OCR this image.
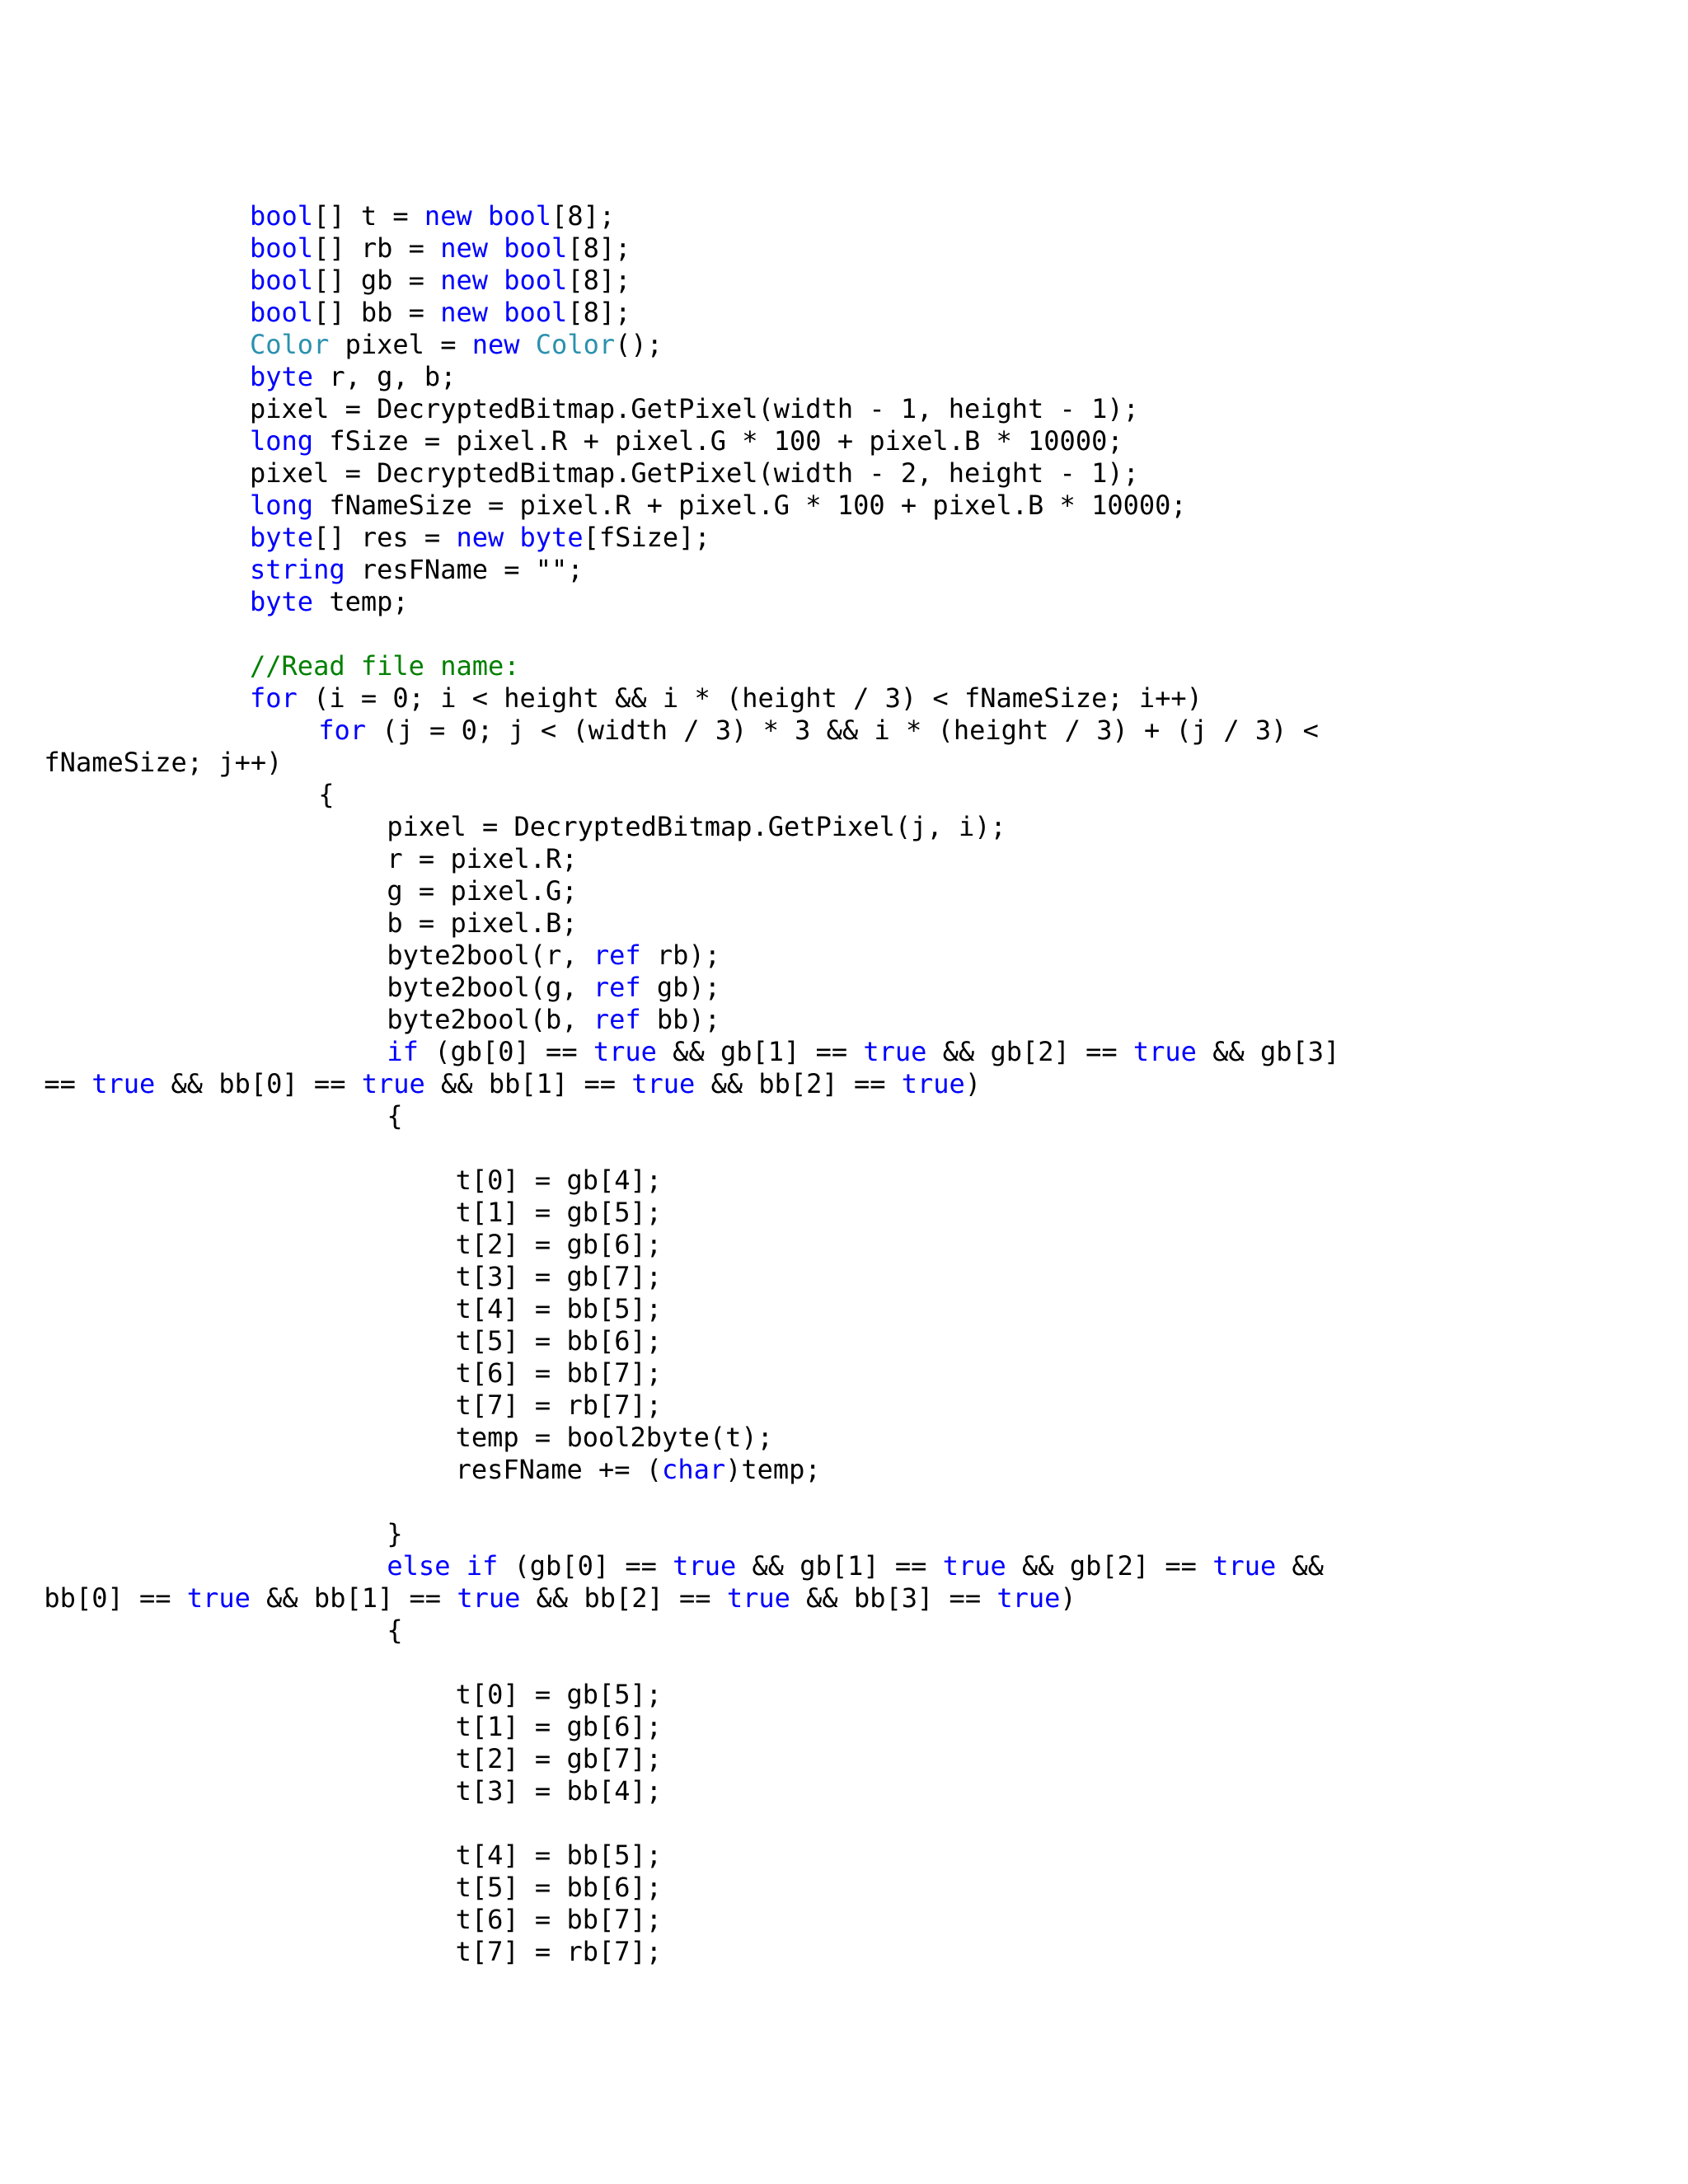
bool[] t = new bool[8];
bool[] rb = new bool[8];
bool[] gb = new bool[8];
bool[] bb = new bool[8];
Color pixel = new Color();
byte r, g, b;
pixel = DecryptedBitmap.GetPixel(width - 1, height - 1);
long fSize = pixel.R + pixel.G * 100 + pixel.B * 10000;
pixel = DecryptedBitmap.GetPixel(width - 2, height - 1);
long fNameSize = pixel.R + pixel.G * 100 + pixel.B * 10000;
byte[] res = new byte[fSize];
string resFName = "";
byte temp;
//Read file name:
for (i = 0; i < height && i * (height / 3) < fNameSize; i++)
for (j = 0; j < (width / 3) * 3 && i * (height / 3) + (j / 3) <
fNameSize; j++)
{
pixel = DecryptedBitmap.GetPixel(j, i);
r = pixel.R;
g = pixel.G;
b = pixel.B;
byte2bool(r, ref rb);
byte2bool(g, ref gb);
byte2bool(b, ref bb);
if (gb[0] == true && gb[1] == true && gb[2] == true && gb[3]
== true && bb[0] == true && bb[1] == true && bb[2] == true)
{
t[0] = gb[4];
t[1] = gb[5];
t[2] = gb[6];
t[3] = gb[7];
t[4] = bb[5];
t[5] = bb[6];
t[6] = bb[7];
t[7] = rb[7];
temp = bool2byte(t);
resFName += (char)temp;
}
else if (gb[0] == true && gb[1] == true && gb[2] == true &&
bb[0] == true && bb[1] == true && bb[2] == true && bb[3] == true)
{
t[0] = gb[5];
t[1] = gb[6];
t[2] = gb[7];
t[3] = bb[4];
t[4] = bb[5];
t[5] = bb[6];
t[6] = bb[7];
t[7] = rb[7];
